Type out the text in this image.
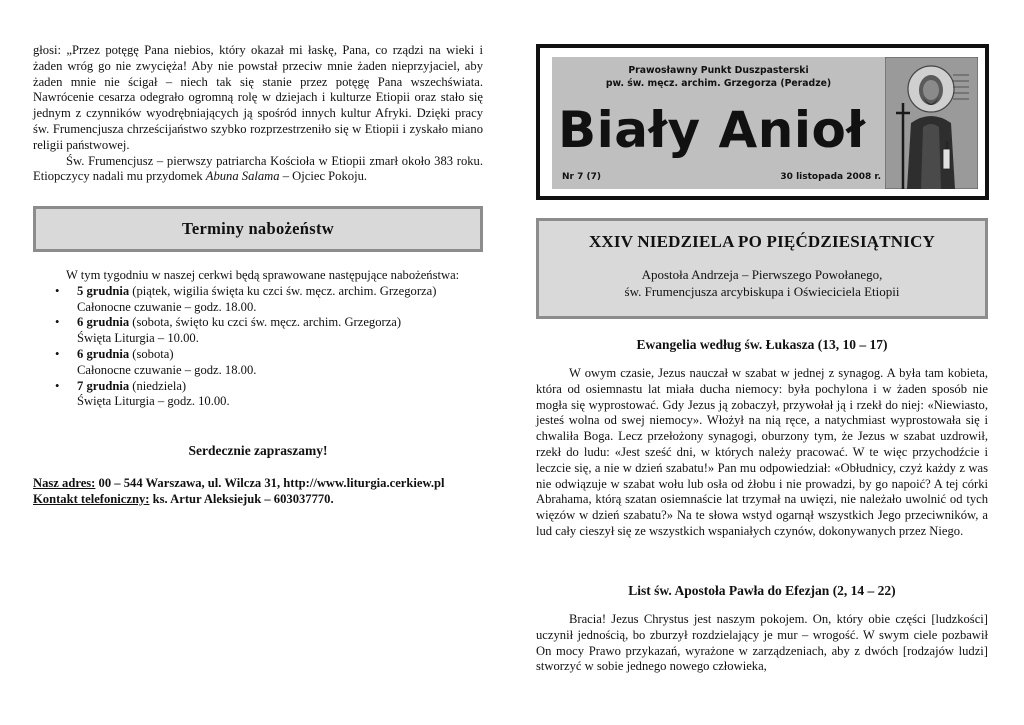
głosi: „Przez potęgę Pana niebios, który okazał mi łaskę, Pana, co rządzi na wieki i żaden wróg go nie zwycięża! Aby nie powstał przeciw mnie żaden nieprzyjaciel, aby żaden mnie nie ścigał – niech tak się stanie przez potęgę Pana wszechświata. Nawrócenie cesarza odegrało ogromną rolę w dziejach i kulturze Etiopii oraz stało się jednym z czynników wyodrębniających ją spośród innych kultur Afryki. Dzięki pracy św. Frumencjusza chrześcijaństwo szybko rozprzestrzeniło się w Etiopii i zyskało miano religii państwowej.

Św. Frumencjusz – pierwszy patriarcha Kościoła w Etiopii zmarł około 383 roku. Etiopczycy nadali mu przydomek Abuna Salama – Ojciec Pokoju.

Terminy nabożeństw

W tym tygodniu w naszej cerkwi będą sprawowane następujące nabożeństwa:

• 5 grudnia (piątek, wigilia święta ku czci św. męcz. archim. Grzegorza)
Całonocne czuwanie – godz. 18.00.
• 6 grudnia (sobota, święto ku czci św. męcz. archim. Grzegorza)
Święta Liturgia – 10.00.
• 6 grudnia (sobota)
Całonocne czuwanie – godz. 18.00.
• 7 grudnia (niedziela)
Święta Liturgia – godz. 10.00.
Serdecznie zapraszamy!
Nasz adres: 00 – 544 Warszawa, ul. Wilcza 31, http://www.liturgia.cerkiew.pl
Kontakt telefoniczny: ks. Artur Aleksiejuk – 603037770.
Prawosławny Punkt Duszpasterski
pw. św. męcz. archim. Grzegorza (Peradze)
Biały Anioł
Nr 7 (7)	30 listopada 2008 r.
XXIV NIEDZIELA PO PIĘĆDZIESIĄTNICY
Apostoła Andrzeja – Pierwszego Powołanego,
św. Frumencjusza arcybiskupa i Oświeciciela Etiopii
Ewangelia według św. Łukasza (13, 10 – 17)

W owym czasie, Jezus nauczał w szabat w jednej z synagog. A była tam kobieta, która od osiemnastu lat miała ducha niemocy: była pochylona i w żaden sposób nie mogła się wyprostować. Gdy Jezus ją zobaczył, przywołał ją i rzekł do niej: «Niewiasto, jesteś wolna od swej niemocy». Włożył na nią ręce, a natychmiast wyprostowała się i chwaliła Boga. Lecz przełożony synagogi, oburzony tym, że Jezus w szabat uzdrowił, rzekł do ludu: «Jest sześć dni, w których należy pracować. W te więc przychodźcie i leczcie się, a nie w dzień szabatu!» Pan mu odpowiedział: «Obłudnicy, czyż każdy z was nie odwiązuje w szabat wołu lub osła od żłobu i nie prowadzi, by go napoić? A tej córki Abrahama, którą szatan osiemnaście lat trzymał na uwięzi, nie należało uwolnić od tych więzów w dzień szabatu?» Na te słowa wstyd ogarnął wszystkich Jego przeciwników, a lud cały cieszył się ze wszystkich wspaniałych czynów, dokonywanych przez Niego.

List św. Apostoła Pawła do Efezjan (2, 14 – 22)

Bracia! Jezus Chrystus jest naszym pokojem. On, który obie części [ludzkości] uczynił jednością, bo zburzył rozdzielający je mur – wrogość. W swym ciele pozbawił On mocy Prawo przykazań, wyrażone w zarządzeniach, aby z dwóch [rodzajów ludzi] stworzyć w sobie jednego nowego człowieka,
